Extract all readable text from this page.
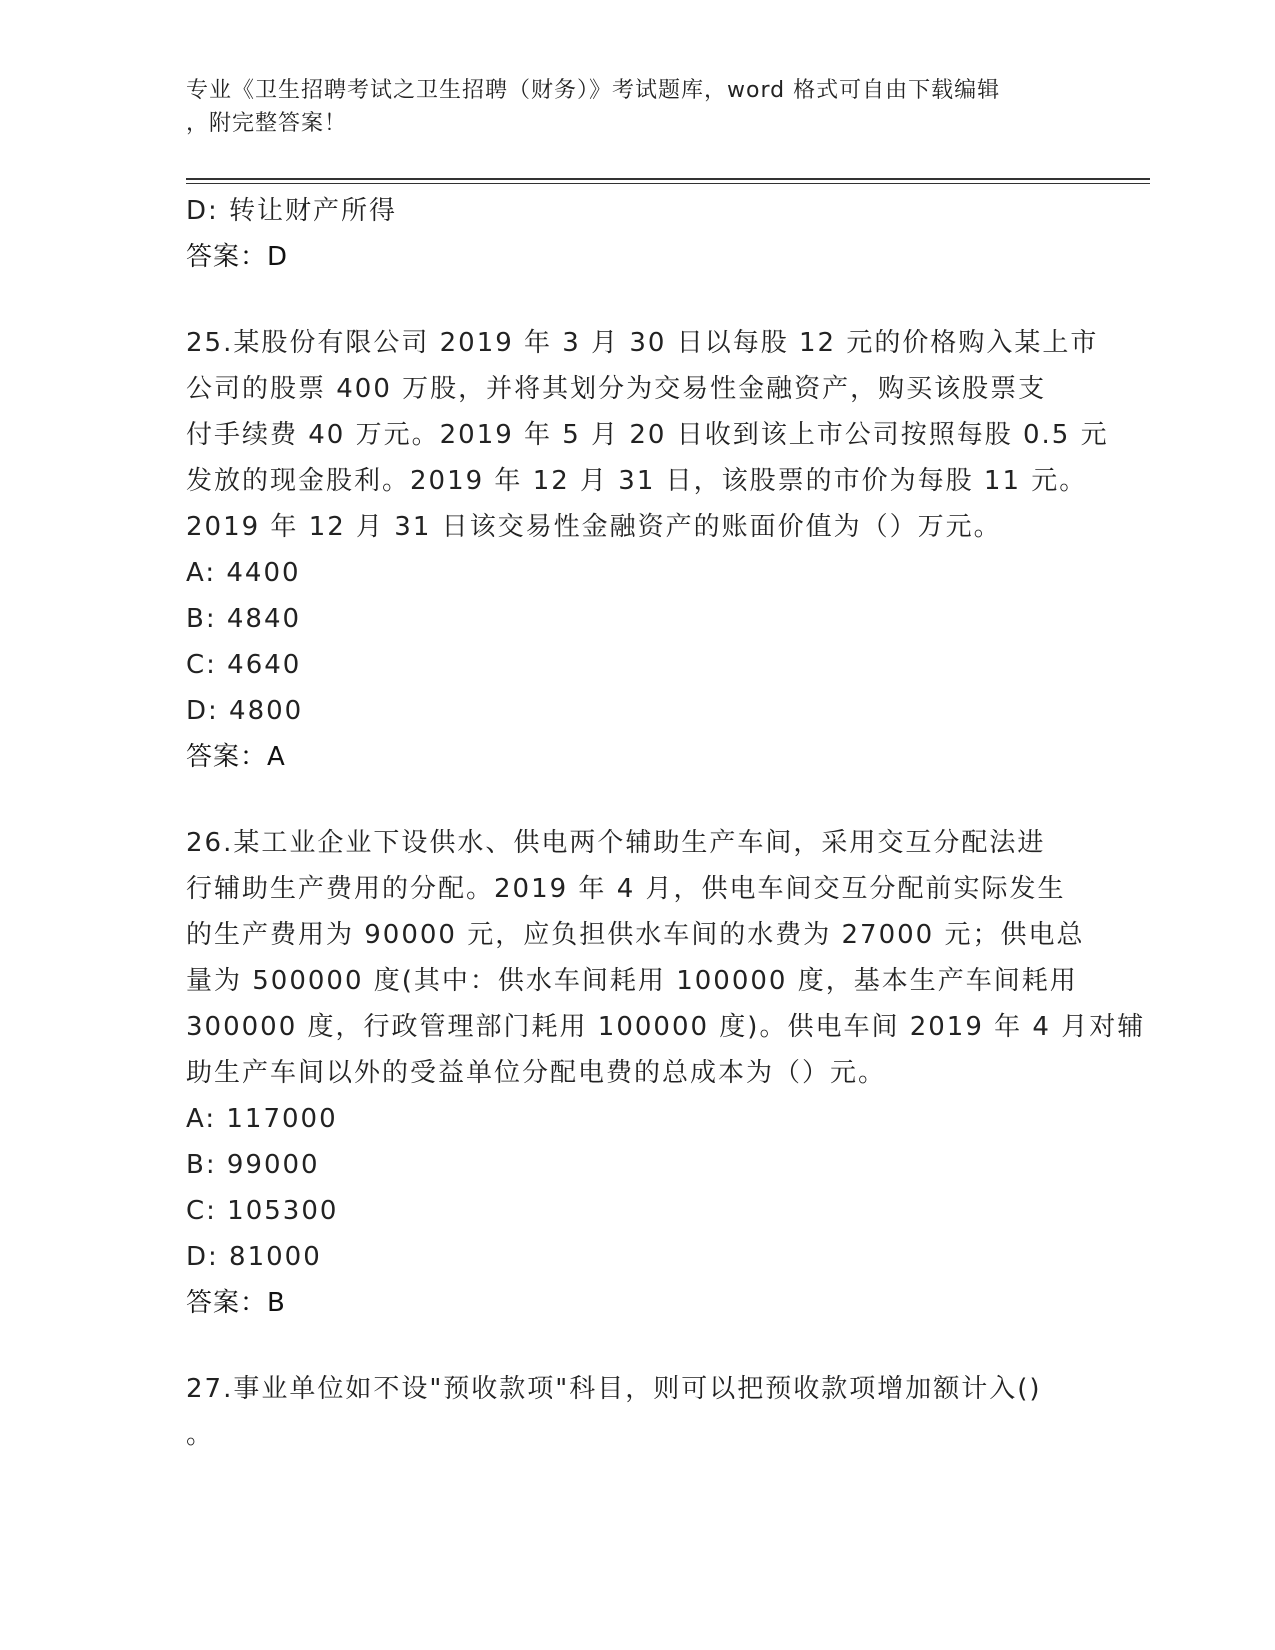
专业《卫生招聘考试之卫生招聘（财务）》考试题库，word 格式可自由下载编辑
，附完整答案！
D: 转让财产所得
答案：D
25.某股份有限公司 2019 年 3 月 30 日以每股 12 元的价格购入某上市
公司的股票 400 万股，并将其划分为交易性金融资产，购买该股票支
付手续费 40 万元。2019 年 5 月 20 日收到该上市公司按照每股 0.5 元
发放的现金股利。2019 年 12 月 31 日，该股票的市价为每股 11 元。
2019 年 12 月 31 日该交易性金融资产的账面价值为（）万元。
A: 4400
B: 4840
C: 4640
D: 4800
答案：A
26.某工业企业下设供水、供电两个辅助生产车间，采用交互分配法进
行辅助生产费用的分配。2019 年 4 月，供电车间交互分配前实际发生
的生产费用为 90000 元，应负担供水车间的水费为 27000 元；供电总
量为 500000 度(其中：供水车间耗用 100000 度，基本生产车间耗用
300000 度，行政管理部门耗用 100000 度)。供电车间 2019 年 4 月对辅
助生产车间以外的受益单位分配电费的总成本为（）元。
A: 117000
B: 99000
C: 105300
D: 81000
答案：B
27.事业单位如不设"预收款项"科目，则可以把预收款项增加额计入()
。
